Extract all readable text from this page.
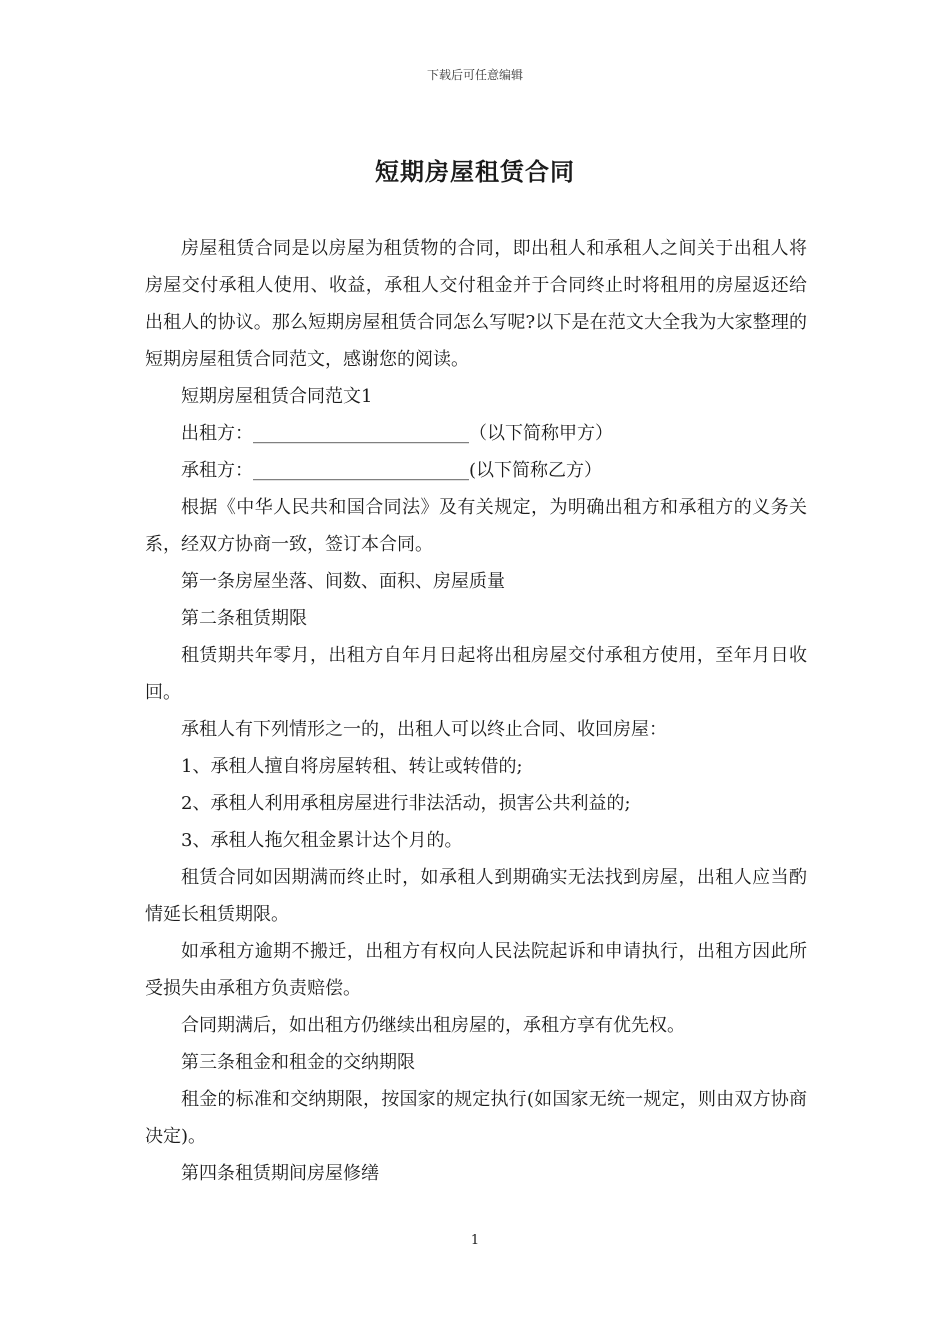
下载后可任意编辑
短期房屋租赁合同

房屋租赁合同是以房屋为租赁物的合同，即出租人和承租人之间关于出租人将房屋交付承租人使用、收益，承租人交付租金并于合同终止时将租用的房屋返还给出租人的协议。那么短期房屋租赁合同怎么写呢?以下是在范文大全我为大家整理的短期房屋租赁合同范文，感谢您的阅读。

短期房屋租赁合同范文1

出租方：________________________（以下简称甲方）

承租方：________________________(以下简称乙方）

根据《中华人民共和国合同法》及有关规定，为明确出租方和承租方的义务关系，经双方协商一致，签订本合同。

第一条房屋坐落、间数、面积、房屋质量

第二条租赁期限

租赁期共年零月，出租方自年月日起将出租房屋交付承租方使用，至年月日收回。

承租人有下列情形之一的，出租人可以终止合同、收回房屋：

1、承租人擅自将房屋转租、转让或转借的;

2、承租人利用承租房屋进行非法活动，损害公共利益的;

3、承租人拖欠租金累计达个月的。

租赁合同如因期满而终止时，如承租人到期确实无法找到房屋，出租人应当酌情延长租赁期限。

如承租方逾期不搬迁，出租方有权向人民法院起诉和申请执行，出租方因此所受损失由承租方负责赔偿。

合同期满后，如出租方仍继续出租房屋的，承租方享有优先权。

第三条租金和租金的交纳期限

租金的标准和交纳期限，按国家的规定执行(如国家无统一规定，则由双方协商决定)。

第四条租赁期间房屋修缮

1
